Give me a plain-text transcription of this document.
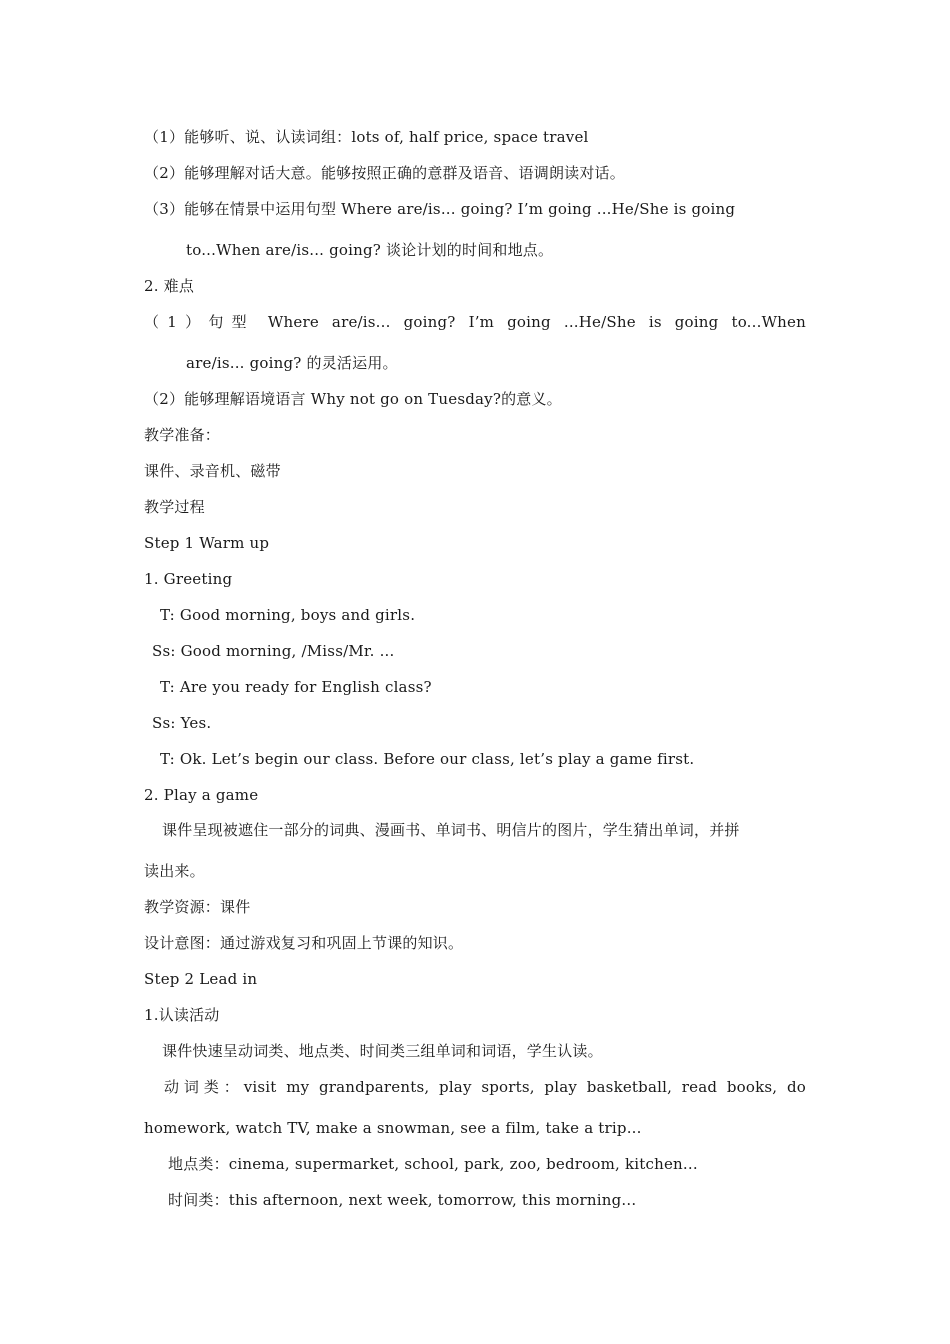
（1）能够听、说、认读词组：lots of, half price, space travel
（2）能够理解对话大意。能够按照正确的意群及语音、语调朗读对话。
（3）能够在情景中运用句型 Where are/is... going? I’m going ...He/She is going
to...When are/is... going? 谈论计划的时间和地点。
2. 难点
（1）句型 Where are/is... going? I’m going ...He/She is going to...When
are/is... going? 的灵活运用。
（2）能够理解语境语言 Why not go on Tuesday?的意义。
教学准备：
课件、录音机、磁带
教学过程
Step 1 Warm up
1. Greeting
T: Good morning, boys and girls.
Ss: Good morning, /Miss/Mr. ...
T: Are you ready for English class?
Ss: Yes.
T: Ok. Let’s begin our class. Before our class, let’s play a game first.
2. Play a game
课件呈现被遮住一部分的词典、漫画书、单词书、明信片的图片，学生猜出单词，并拼
读出来。
教学资源：课件
设计意图：通过游戏复习和巩固上节课的知识。
Step 2 Lead in
1.认读活动
课件快速呈动词类、地点类、时间类三组单词和词语，学生认读。
动词类：visit my grandparents, play sports, play basketball, read books, do
homework, watch TV, make a snowman, see a film, take a trip...
地点类：cinema, supermarket, school, park, zoo, bedroom, kitchen...
时间类：this afternoon, next week, tomorrow, this morning...
